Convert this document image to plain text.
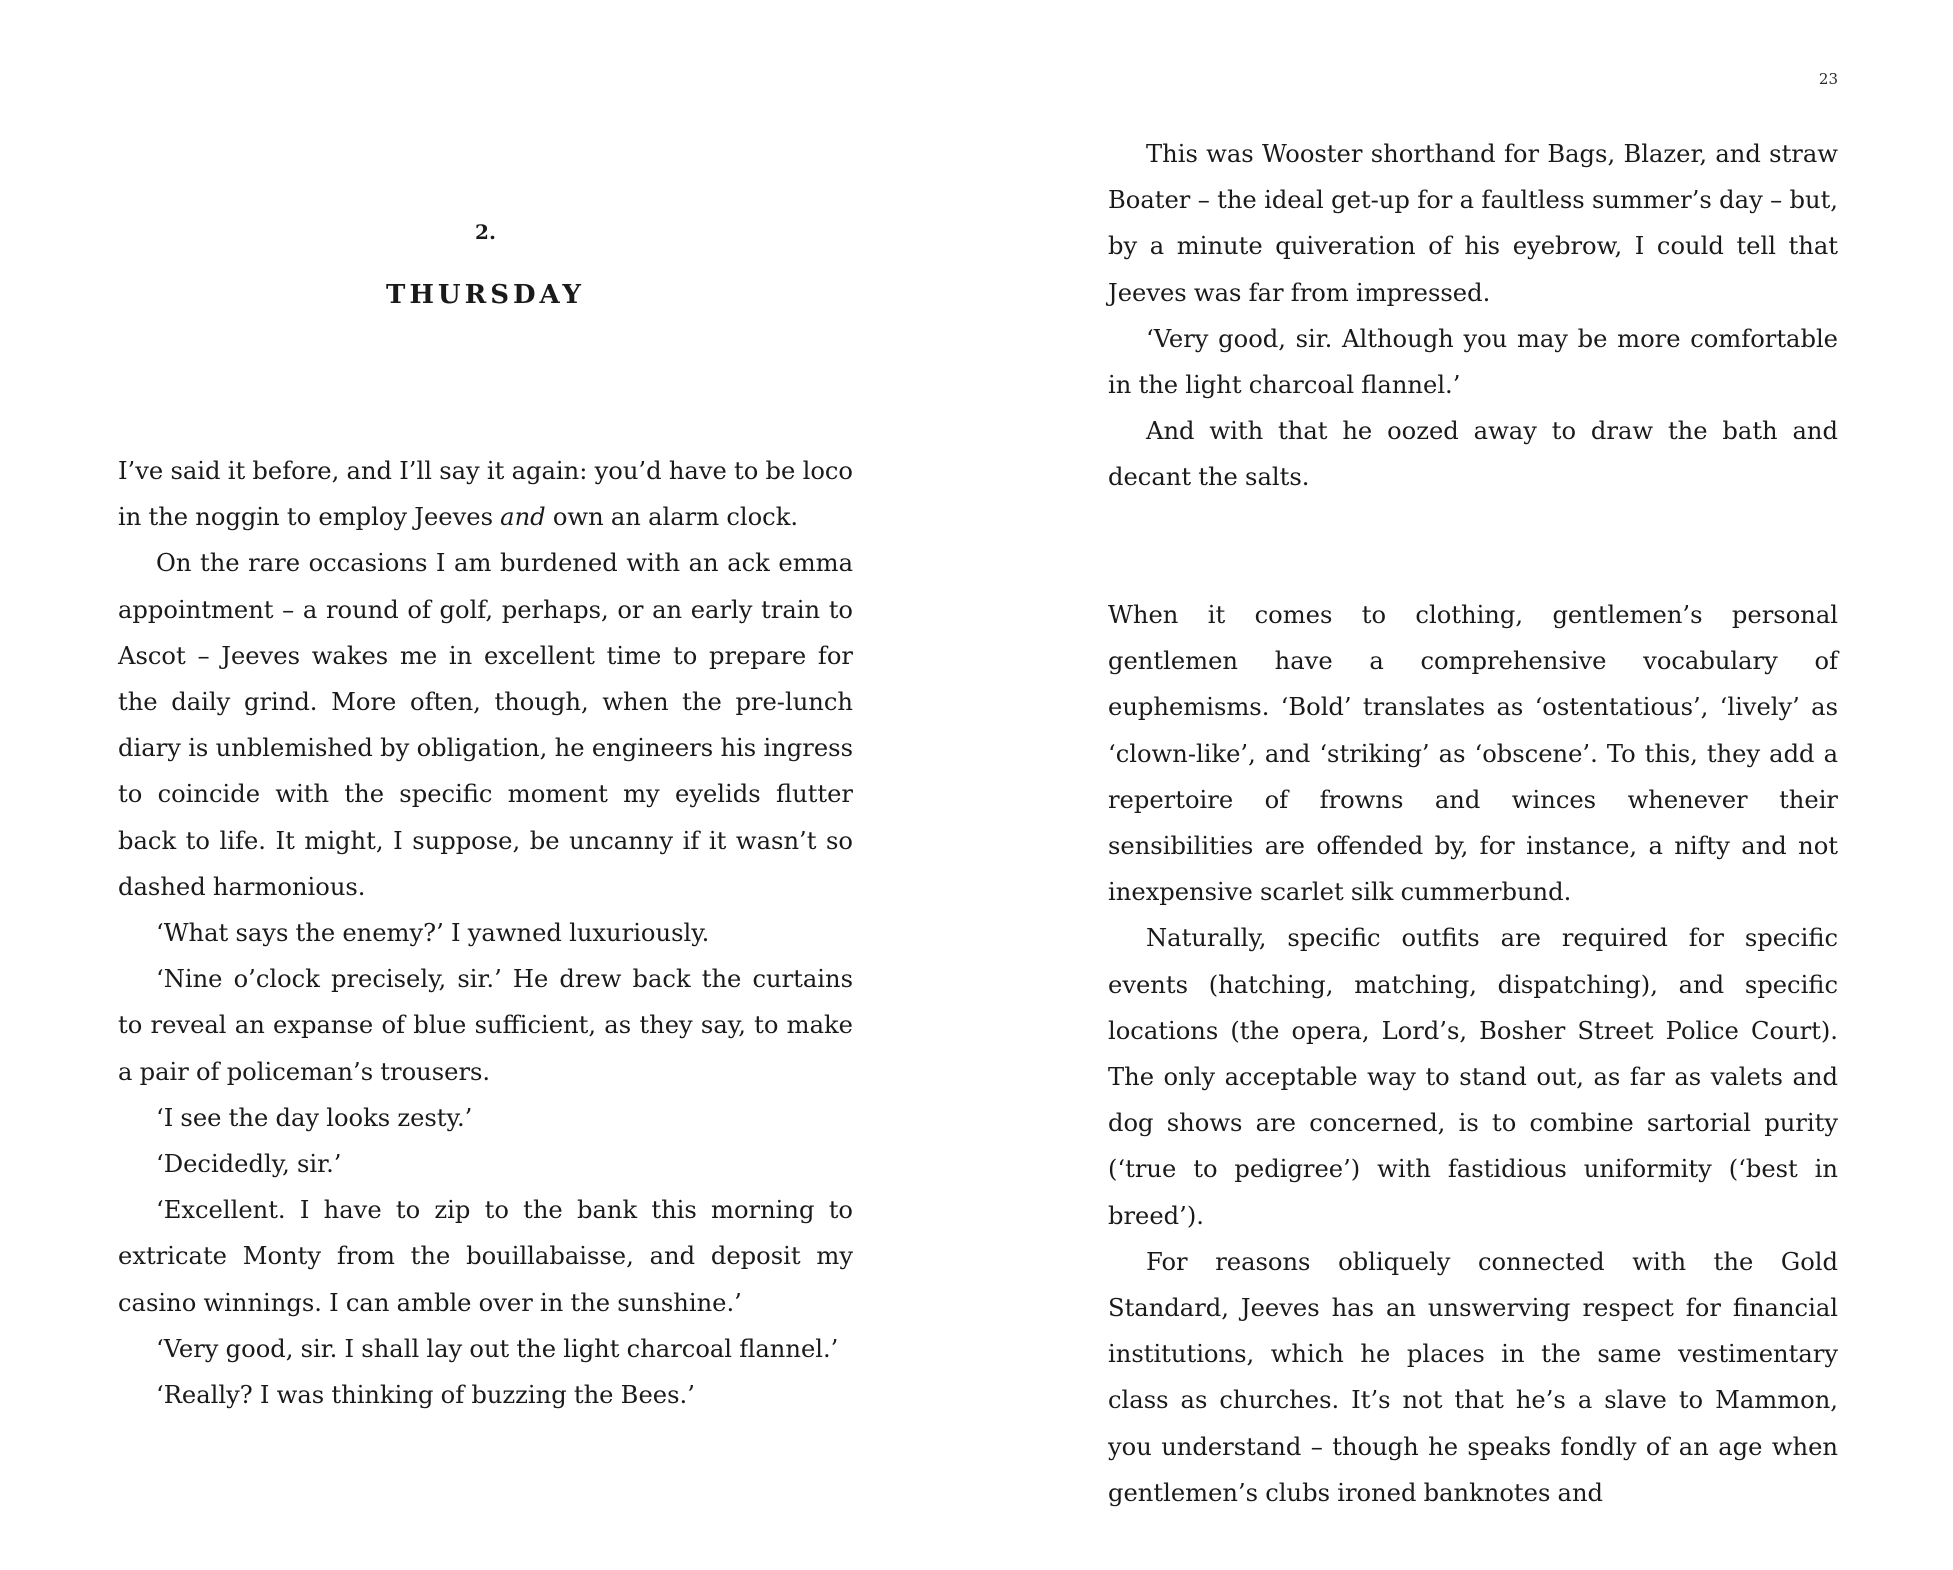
2.
THURSDAY

I’ve said it before, and I’ll say it again: you’d have to be loco in the noggin to employ Jeeves and own an alarm clock.

On the rare occasions I am burdened with an ack emma appointment – a round of golf, perhaps, or an early train to Ascot – Jeeves wakes me in excellent time to prepare for the daily grind. More often, though, when the pre-lunch diary is unblemished by obligation, he engineers his ingress to coincide with the specific moment my eyelids flutter back to life. It might, I suppose, be uncanny if it wasn’t so dashed harmonious.

‘What says the enemy?’ I yawned luxuriously.

‘Nine o’clock precisely, sir.’ He drew back the curtains to reveal an expanse of blue sufficient, as they say, to make a pair of policeman’s trousers.

‘I see the day looks zesty.’

‘Decidedly, sir.’

‘Excellent. I have to zip to the bank this morning to extricate Monty from the bouillabaisse, and deposit my casino winnings. I can amble over in the sunshine.’

‘Very good, sir. I shall lay out the light charcoal flannel.’

‘Really? I was thinking of buzzing the Bees.’

23

This was Wooster shorthand for Bags, Blazer, and straw Boater – the ideal get-up for a faultless summer’s day – but, by a minute quiveration of his eyebrow, I could tell that Jeeves was far from impressed.

‘Very good, sir. Although you may be more comfortable in the light charcoal flannel.’

And with that he oozed away to draw the bath and decant the salts.

When it comes to clothing, gentlemen’s personal gentlemen have a comprehensive vocabulary of euphemisms. ‘Bold’ translates as ‘ostentatious’, ‘lively’ as ‘clown-like’, and ‘striking’ as ‘obscene’. To this, they add a repertoire of frowns and winces whenever their sensibilities are offended by, for instance, a nifty and not inexpensive scarlet silk cummerbund.

Naturally, specific outfits are required for specific events (hatching, matching, dispatching), and specific locations (the opera, Lord’s, Bosher Street Police Court). The only acceptable way to stand out, as far as valets and dog shows are concerned, is to combine sartorial purity (‘true to pedigree’) with fastidious uniformity (‘best in breed’).

For reasons obliquely connected with the Gold Standard, Jeeves has an unswerving respect for financial institutions, which he places in the same vestimentary class as churches. It’s not that he’s a slave to Mammon, you understand – though he speaks fondly of an age when gentlemen’s clubs ironed banknotes and
